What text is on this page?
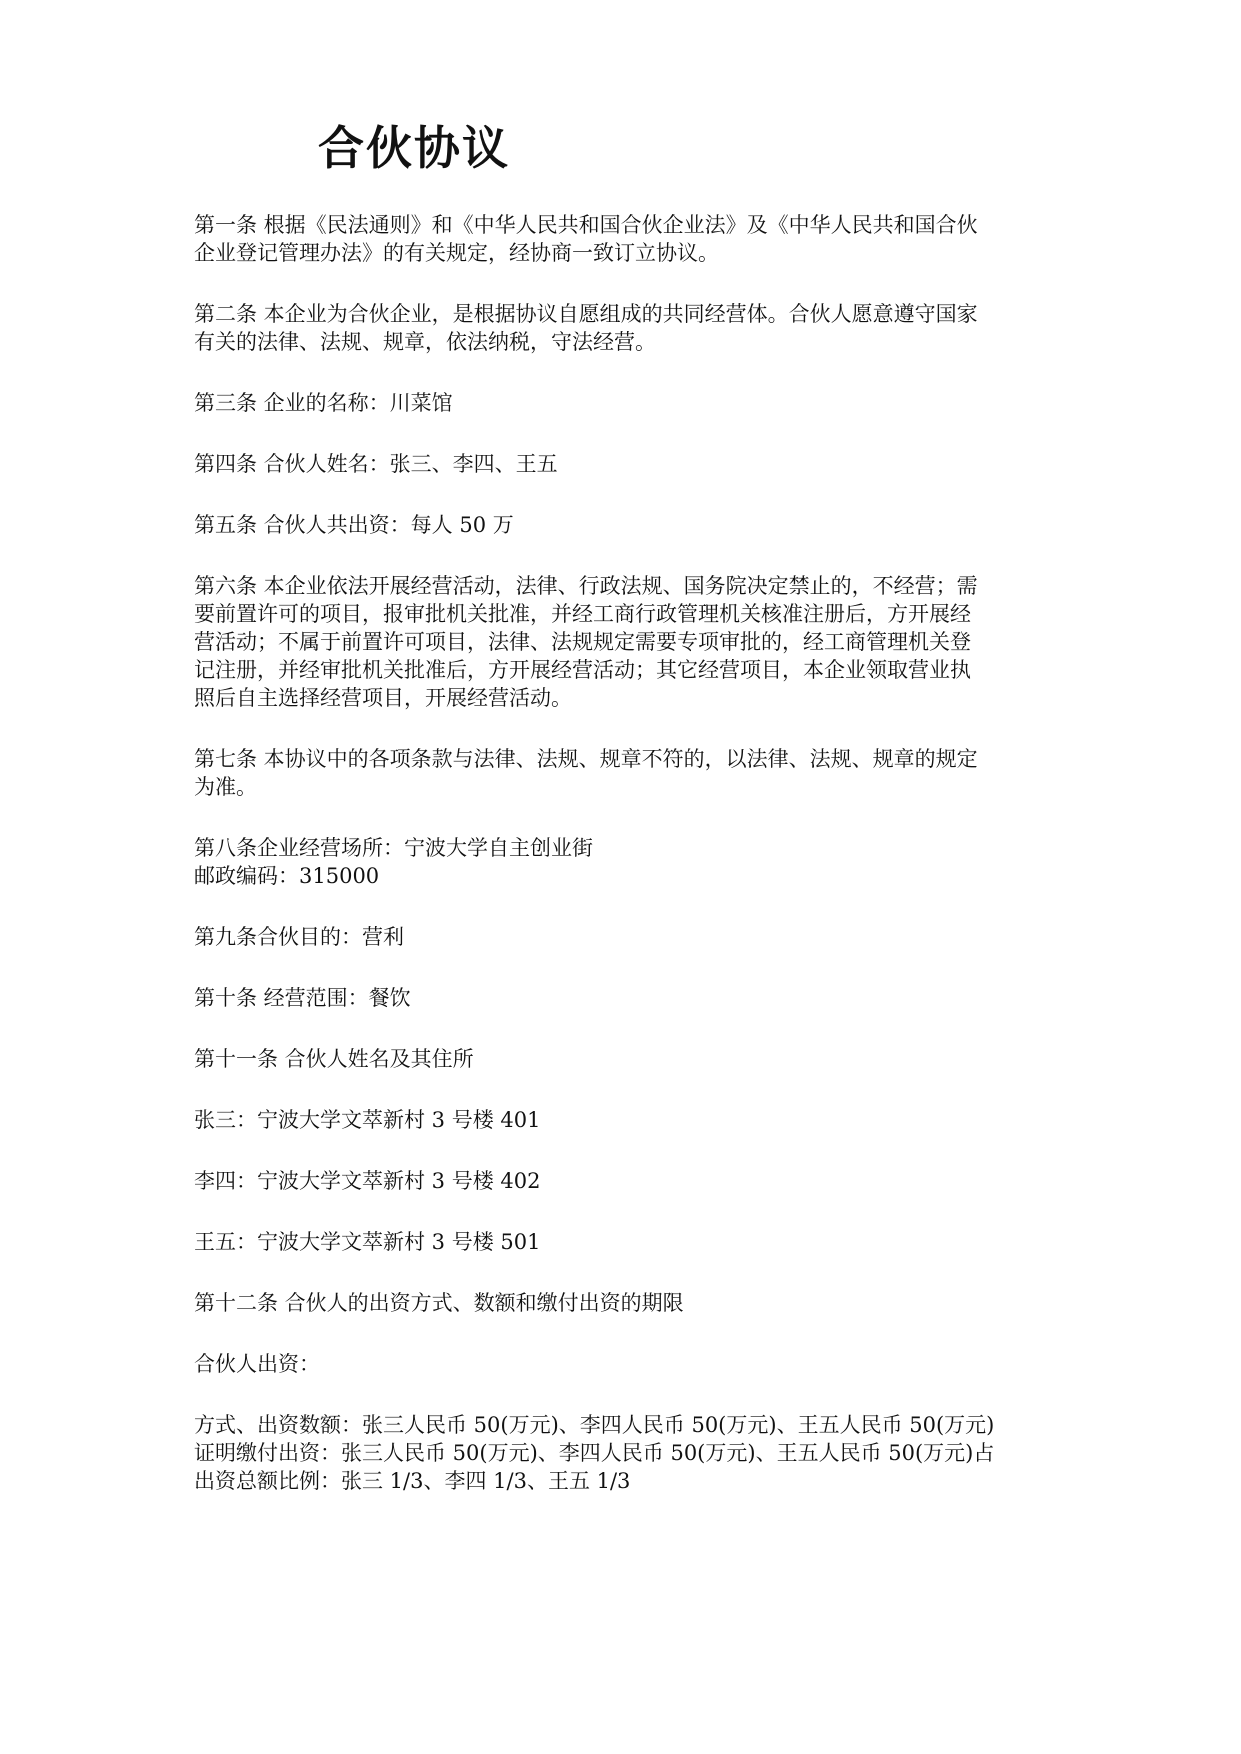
合伙协议

第一条 根据《民法通则》和《中华人民共和国合伙企业法》及《中华人民共和国合伙
企业登记管理办法》的有关规定，经协商一致订立协议。

第二条 本企业为合伙企业，是根据协议自愿组成的共同经营体。合伙人愿意遵守国家
有关的法律、法规、规章，依法纳税，守法经营。

第三条 企业的名称：川菜馆

第四条 合伙人姓名：张三、李四、王五

第五条 合伙人共出资：每人 50 万

第六条 本企业依法开展经营活动，法律、行政法规、国务院决定禁止的，不经营；需
要前置许可的项目，报审批机关批准，并经工商行政管理机关核准注册后，方开展经
营活动；不属于前置许可项目，法律、法规规定需要专项审批的，经工商管理机关登
记注册，并经审批机关批准后，方开展经营活动；其它经营项目，本企业领取营业执
照后自主选择经营项目，开展经营活动。

第七条 本协议中的各项条款与法律、法规、规章不符的，以法律、法规、规章的规定
为准。

第八条企业经营场所：宁波大学自主创业街
邮政编码：315000

第九条合伙目的：营利

第十条 经营范围：餐饮

第十一条 合伙人姓名及其住所

张三：宁波大学文萃新村 3 号楼 401

李四：宁波大学文萃新村 3 号楼 402

王五：宁波大学文萃新村 3 号楼 501

第十二条 合伙人的出资方式、数额和缴付出资的期限

合伙人出资：

方式、出资数额：张三人民币 50(万元)、李四人民币 50(万元)、王五人民币 50(万元)
证明缴付出资：张三人民币 50(万元)、李四人民币 50(万元)、王五人民币 50(万元)占
出资总额比例：张三 1/3、李四 1/3、王五 1/3
